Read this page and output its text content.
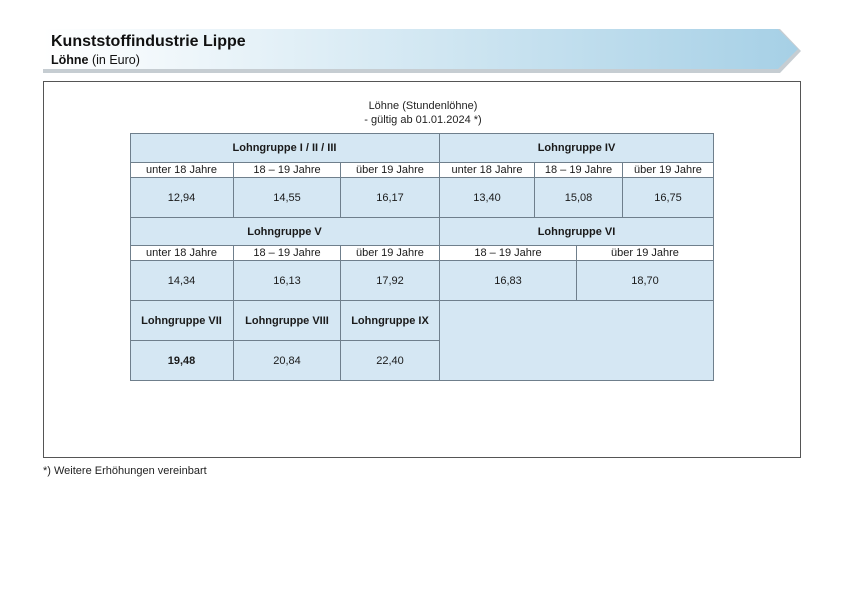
Kunststoffindustrie Lippe
Löhne (in Euro)
Löhne (Stundenlöhne)
- gültig ab 01.01.2024 *)
Lohngruppe I / II / III	Lohngruppe IV
unter 18 Jahre	18 – 19 Jahre	über 19 Jahre	unter 18 Jahre	18 – 19 Jahre	über 19 Jahre
12,94	14,55	16,17	13,40	15,08	16,75
Lohngruppe V	Lohngruppe VI
unter 18 Jahre	18 – 19 Jahre	über 19 Jahre	18 – 19 Jahre	über 19 Jahre
14,34	16,13	17,92	16,83	18,70
Lohngruppe VII	Lohngruppe VIII	Lohngruppe IX
19,48	20,84	22,40
*) Weitere Erhöhungen vereinbart
